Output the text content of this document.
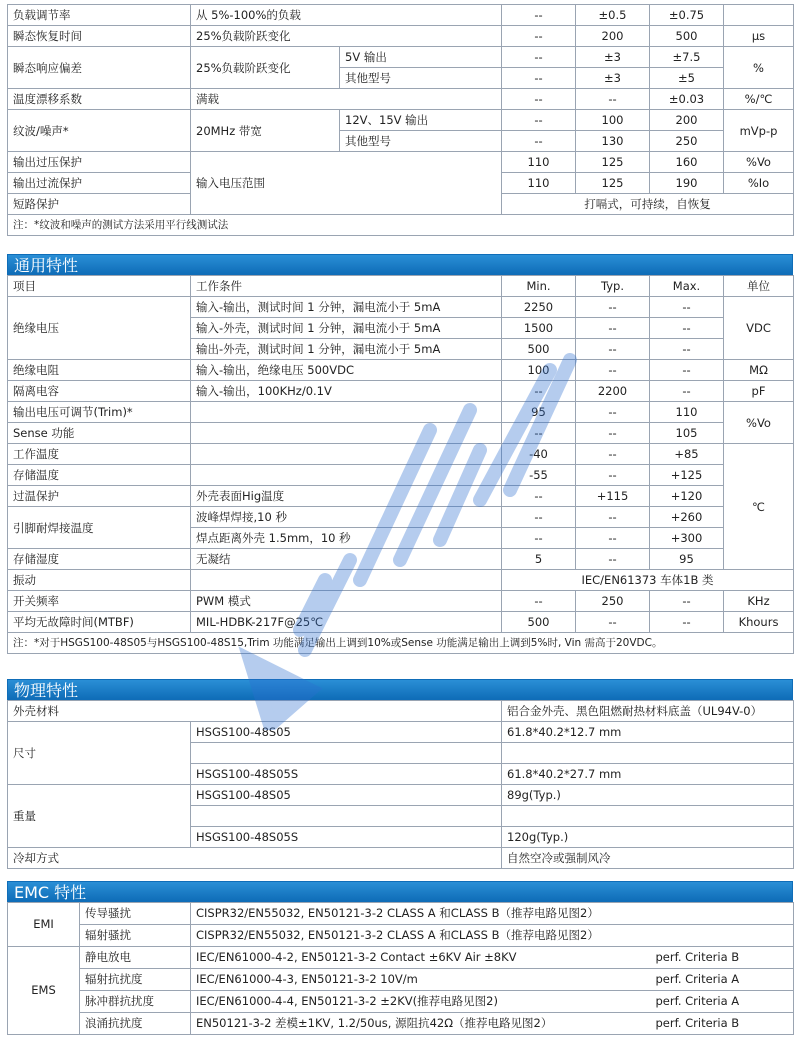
负载调节率	从 5%-100%的负载		--	±0.5	±0.75	
瞬态恢复时间	25%负载阶跃变化		--	200	500	μs
瞬态响应偏差	25%负载阶跃变化	5V 输出	--	±3	±7.5	%
		其他型号	--	±3	±5	
温度漂移系数	满载		--	--	±0.03	%/℃
纹波/噪声*	20MHz 带宽	12V、15V 输出	--	100	200	mVp-p
		其他型号	--	130	250	
输出过压保护	输入电压范围		110	125	160	%Vo
输出过流保护			110	125	190	%Io
短路保护			打嗝式，可持续，自恢复			
注：*纹波和噪声的测试方法采用平行线测试法						
通用特性
项目	工作条件	Min.	Typ.	Max.	单位	
绝缘电压	输入-输出，测试时间 1 分钟，漏电流小于 5mA	2250	--	--	VDC	
	输入-外壳，测试时间 1 分钟，漏电流小于 5mA	1500	--	--		
	输出-外壳，测试时间 1 分钟，漏电流小于 5mA	500	--	--		
绝缘电阻	输入-输出，绝缘电压 500VDC	100	--	--	MΩ	
隔离电容	输入-输出，100KHz/0.1V	--	2200	--	pF	
输出电压可调节(Trim)*		95	--	110	%Vo	
Sense 功能		--	--	105		
工作温度		-40	--	+85	℃	
存储温度		-55	--	+125		
过温保护	外壳表面Hig温度	--	+115	+120		
引脚耐焊接温度	波峰焊焊接,10 秒	--	--	+260		
	焊点距离外壳 1.5mm，10 秒	--	--	+300		
存储湿度	无凝结	5	--	95	
振动		IEC/EN61373 车体1B 类				
开关频率	PWM 模式	--	250	--	KHz	
平均无故障时间(MTBF)	MIL-HDBK-217F@25℃	500	--	--	Khours	
注：*对于HSGS100-48S05与HSGS100-48S15,Trim 功能满足输出上调到10%或Sense 功能满足输出上调到5%时, Vin 需高于20VDC。						
物理特性
外壳材料		铝合金外壳、黑色阻燃耐热材料底盖（UL94V-0）
尺寸	HSGS100-48S05	61.8*40.2*12.7 mm

	HSGS100-48S05S	61.8*40.2*27.7 mm
重量	HSGS100-48S05	89g(Typ.)

	HSGS100-48S05S	120g(Typ.)
冷却方式		自然空冷或强制风冷
EMC 特性
EMI	传导骚扰	CISPR32/EN55032, EN50121-3-2 CLASS A 和CLASS B（推荐电路见图2）	
	辐射骚扰	CISPR32/EN55032, EN50121-3-2 CLASS A 和CLASS B（推荐电路见图2）	
EMS	静电放电	IEC/EN61000-4-2, EN50121-3-2 Contact ±6KV Air ±8KV	perf. Criteria B
	辐射抗扰度	IEC/EN61000-4-3, EN50121-3-2 10V/m	perf. Criteria A
	脉冲群抗扰度	IEC/EN61000-4-4, EN50121-3-2 ±2KV(推荐电路见图2)	perf. Criteria A
	浪涌抗扰度	EN50121-3-2 差模±1KV, 1.2/50us, 源阻抗42Ω（推荐电路见图2）	perf. Criteria B
